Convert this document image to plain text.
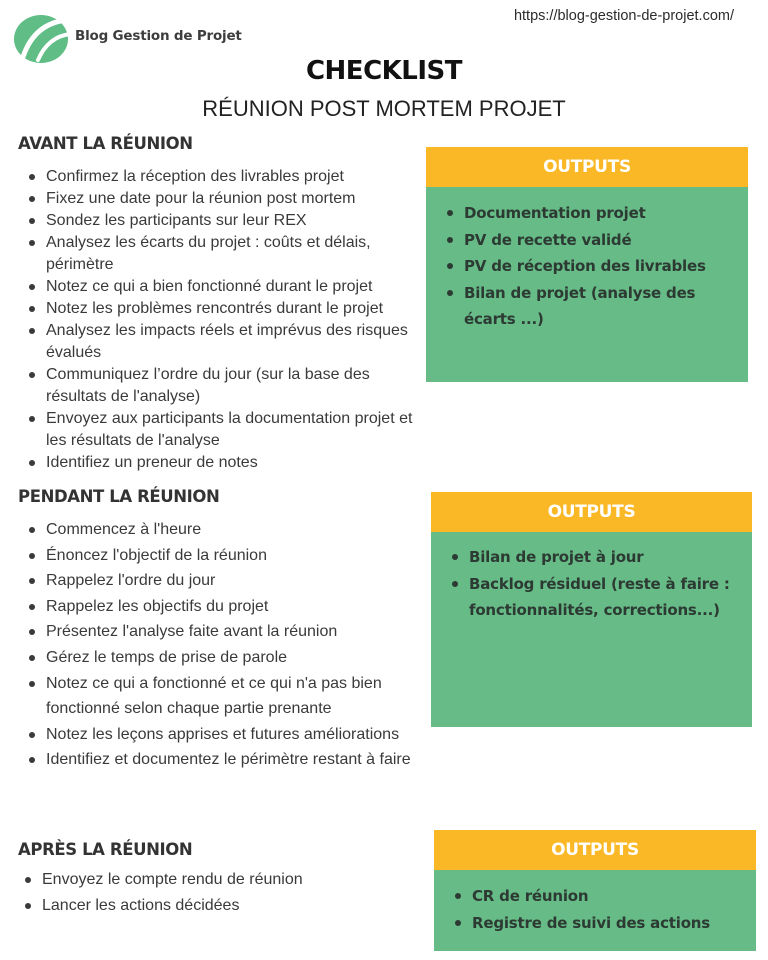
Blog Gestion de Projet
https://blog-gestion-de-projet.com/
CHECKLIST
RÉUNION POST MORTEM PROJET
AVANT LA RÉUNION
Confirmez la réception des livrables projet
Fixez une date pour la réunion post mortem
Sondez les participants sur leur REX
Analysez les écarts du projet : coûts et délais, périmètre
Notez ce qui a bien fonctionné durant le projet
Notez les problèmes rencontrés durant le projet
Analysez les impacts réels et imprévus des risques évalués
Communiquez l’ordre du jour (sur la base des résultats de l'analyse)
Envoyez aux participants la documentation projet et les résultats de l'analyse
Identifiez un preneur de notes
OUTPUTS
Documentation projet
PV de recette validé
PV de réception des livrables
Bilan de projet (analyse des écarts ...)
PENDANT LA RÉUNION
Commencez à l'heure
Énoncez l'objectif de la réunion
Rappelez l'ordre du jour
Rappelez les objectifs du projet
Présentez l'analyse faite avant la réunion
Gérez le temps de prise de parole
Notez ce qui a fonctionné et ce qui n'a pas bien fonctionné selon chaque partie prenante
Notez les leçons apprises et futures améliorations
Identifiez et documentez le périmètre restant à faire
OUTPUTS
Bilan de projet à jour
Backlog résiduel (reste à faire : fonctionnalités, corrections...)
APRÈS LA RÉUNION
Envoyez le compte rendu de réunion
Lancer les actions décidées
OUTPUTS
CR de réunion
Registre de suivi des actions
